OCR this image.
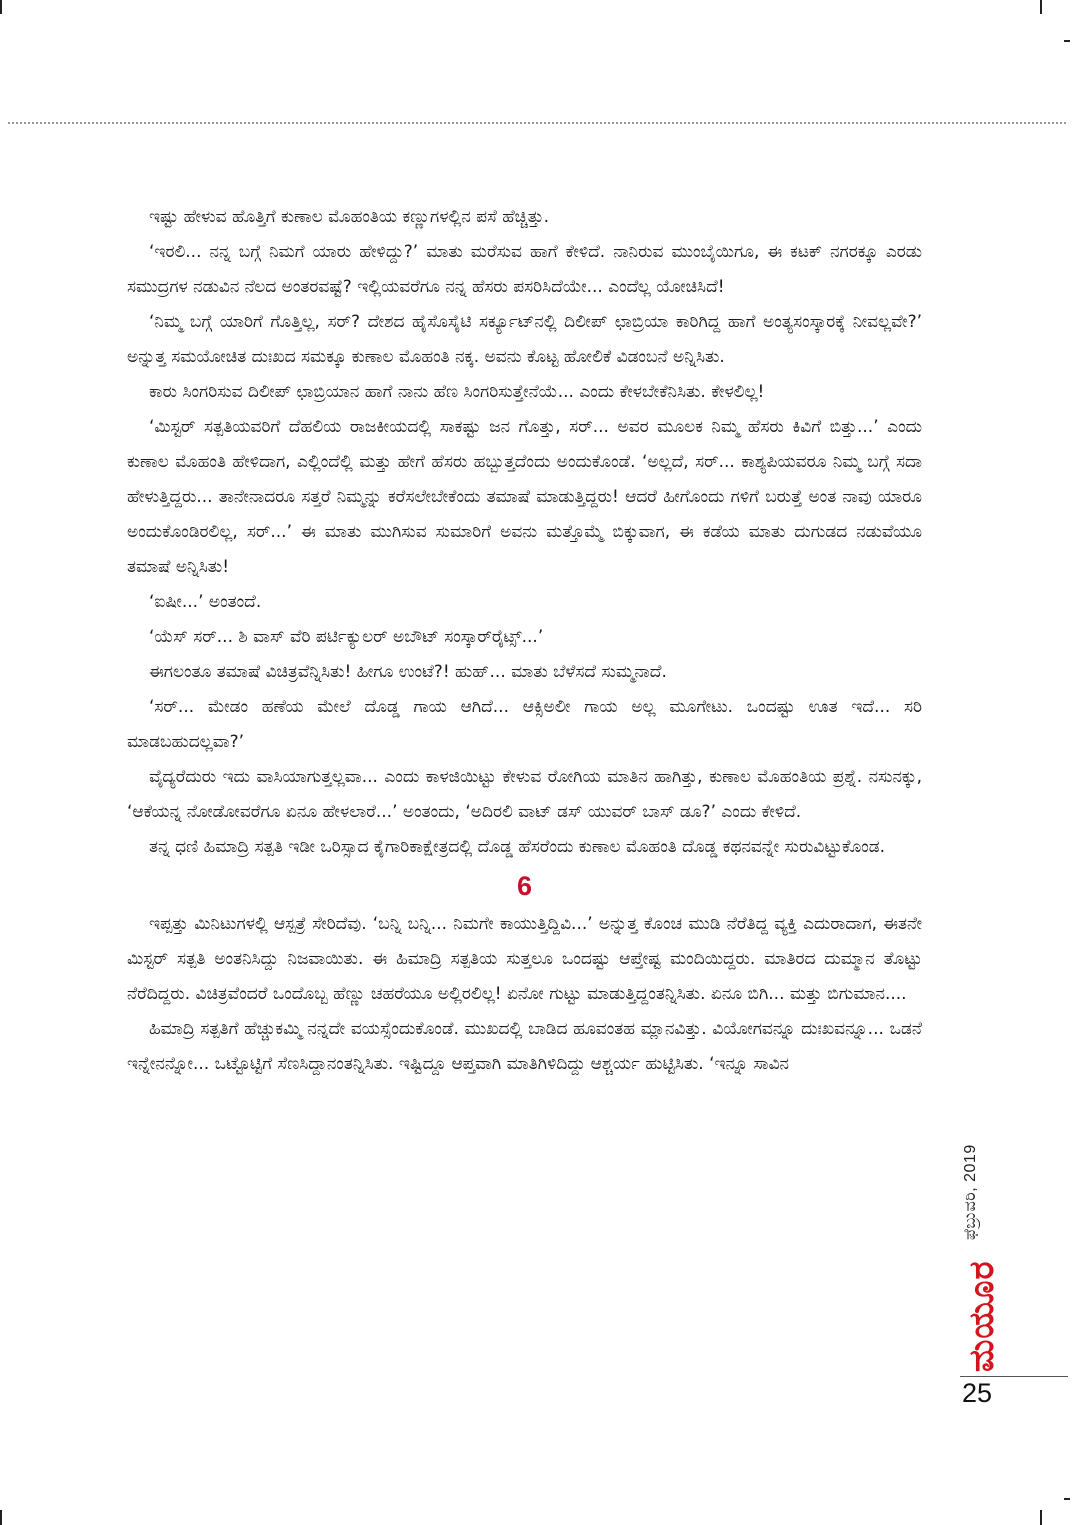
ಇಷ್ಟು ಹೇಳುವ ಹೊತ್ತಿಗೆ ಕುಣಾಲ ಮೊಹಂತಿಯ ಕಣ್ಣುಗಳಲ್ಲಿನ ಪಸೆ ಹೆಚ್ಚಿತ್ತು.

‘ಇರಲಿ... ನನ್ನ ಬಗ್ಗೆ ನಿಮಗೆ ಯಾರು ಹೇಳಿದ್ದು?’ ಮಾತು ಮರೆಸುವ ಹಾಗೆ ಕೇಳಿದೆ. ನಾನಿರುವ ಮುಂಬೈಯಿಗೂ, ಈ ಕಟಕ್ ನಗರಕ್ಕೂ ಎರಡು ಸಮುದ್ರಗಳ ನಡುವಿನ ನೆಲದ ಅಂತರವಷ್ಟೆ? ಇಲ್ಲಿಯವರೆಗೂ ನನ್ನ ಹೆಸರು ಪಸರಿಸಿದೆಯೇ... ಎಂದೆಲ್ಲ ಯೋಚಿಸಿದೆ!

‘ನಿಮ್ಮ ಬಗ್ಗೆ ಯಾರಿಗೆ ಗೊತ್ತಿಲ್ಲ, ಸರ್? ದೇಶದ ಹೈಸೊಸೈಟಿ ಸರ್ಕ್ಯೂಟ್‌ನಲ್ಲಿ ದಿಲೀಪ್ ಛಾಬ್ರಿಯಾ ಕಾರಿಗಿದ್ದ ಹಾಗೆ ಅಂತ್ಯಸಂಸ್ಕಾರಕ್ಕೆ ನೀವಲ್ಲವೇ?’ ಅನ್ನುತ್ತ ಸಮಯೋಚಿತ ದುಃಖದ ಸಮಕ್ಕೂ ಕುಣಾಲ ಮೊಹಂತಿ ನಕ್ಕ. ಅವನು ಕೊಟ್ಟ ಹೋಲಿಕೆ ವಿಡಂಬನೆ ಅನ್ನಿಸಿತು.

ಕಾರು ಸಿಂಗರಿಸುವ ದಿಲೀಪ್ ಛಾಬ್ರಿಯಾನ ಹಾಗೆ ನಾನು ಹೆಣ ಸಿಂಗರಿಸುತ್ತೇನೆಯೆ... ಎಂದು ಕೇಳಬೇಕೆನಿಸಿತು. ಕೇಳಲಿಲ್ಲ!

‘ಮಿಸ್ಟರ್ ಸತ್ಪತಿಯವರಿಗೆ ದೆಹಲಿಯ ರಾಜಕೀಯದಲ್ಲಿ ಸಾಕಷ್ಟು ಜನ ಗೊತ್ತು, ಸರ್... ಅವರ ಮೂಲಕ ನಿಮ್ಮ ಹೆಸರು ಕಿವಿಗೆ ಬಿತ್ತು...’ ಎಂದು ಕುಣಾಲ ಮೊಹಂತಿ ಹೇಳಿದಾಗ, ಎಲ್ಲಿಂದೆಲ್ಲಿ ಮತ್ತು ಹೇಗೆ ಹೆಸರು ಹಬ್ಬುತ್ತದೆಂದು ಅಂದುಕೊಂಡೆ. ‘ಅಲ್ಲದೆ, ಸರ್... ಕಾಶ್ಯಪಿಯವರೂ ನಿಮ್ಮ ಬಗ್ಗೆ ಸದಾ ಹೇಳುತ್ತಿದ್ದರು... ತಾನೇನಾದರೂ ಸತ್ತರೆ ನಿಮ್ಮನ್ನು ಕರೆಸಲೇಬೇಕೆಂದು ತಮಾಷೆ ಮಾಡುತ್ತಿದ್ದರು! ಆದರೆ ಹೀಗೊಂದು ಗಳಿಗೆ ಬರುತ್ತೆ ಅಂತ ನಾವು ಯಾರೂ ಅಂದುಕೊಂಡಿರಲಿಲ್ಲ, ಸರ್...’ ಈ ಮಾತು ಮುಗಿಸುವ ಸುಮಾರಿಗೆ ಅವನು ಮತ್ತೊಮ್ಮೆ ಬಿಕ್ಕುವಾಗ, ಈ ಕಡೆಯ ಮಾತು ದುಗುಡದ ನಡುವೆಯೂ ತಮಾಷೆ ಅನ್ನಿಸಿತು!

‘ಐಷೀ...’ ಅಂತಂದೆ.

‘ಯೆಸ್ ಸರ್... ಶಿ ವಾಸ್ ವೆರಿ ಪರ್ಟಿಕ್ಯುಲರ್ ಅಬೌಟ್ ಸಂಸ್ಕಾರ್‌ರೈಟ್ಸ್...’

ಈಗಲಂತೂ ತಮಾಷೆ ವಿಚಿತ್ರವೆನ್ನಿಸಿತು! ಹೀಗೂ ಉಂಟೆ?! ಹುಹ್... ಮಾತು ಬೆಳೆಸದೆ ಸುಮ್ಮನಾದೆ.

‘ಸರ್... ಮೇಡಂ ಹಣೆಯ ಮೇಲೆ ದೊಡ್ಡ ಗಾಯ ಆಗಿದೆ... ಆಕ್ಸಿಅಲೀ ಗಾಯ ಅಲ್ಲ ಮೂಗೇಟು. ಒಂದಷ್ಟು ಊತ ಇದೆ... ಸರಿ ಮಾಡಬಹುದಲ್ಲವಾ?’

ವೈದ್ಯರೆದುರು ಇದು ವಾಸಿಯಾಗುತ್ತಲ್ಲವಾ... ಎಂದು ಕಾಳಜಿಯಿಟ್ಟು ಕೇಳುವ ರೋಗಿಯ ಮಾತಿನ ಹಾಗಿತ್ತು, ಕುಣಾಲ ಮೊಹಂತಿಯ ಪ್ರಶ್ನೆ. ನಸುನಕ್ಕು, ‘ಆಕೆಯನ್ನ ನೋಡೋವರೆಗೂ ಏನೂ ಹೇಳಲಾರೆ...’ ಅಂತಂದು, ‘ಅದಿರಲಿ ವಾಟ್ ಡಸ್ ಯುವರ್ ಬಾಸ್ ಡೂ?’ ಎಂದು ಕೇಳಿದೆ.

ತನ್ನ ಧಣಿ ಹಿಮಾದ್ರಿ ಸತ್ಪತಿ ಇಡೀ ಒರಿಸ್ಸಾದ ಕೈಗಾರಿಕಾಕ್ಷೇತ್ರದಲ್ಲಿ ದೊಡ್ಡ ಹೆಸರೆಂದು ಕುಣಾಲ ಮೊಹಂತಿ ದೊಡ್ಡ ಕಥನವನ್ನೇ ಸುರುವಿಟ್ಟುಕೊಂಡ.

6

ಇಪ್ಪತ್ತು ಮಿನಿಟುಗಳಲ್ಲಿ ಆಸ್ಪತ್ರೆ ಸೇರಿದೆವು. ‘ಬನ್ನಿ ಬನ್ನಿ... ನಿಮಗೇ ಕಾಯುತ್ತಿದ್ದಿವಿ...’ ಅನ್ನುತ್ತ ಕೊಂಚ ಮುಡಿ ನೆರೆತಿದ್ದ ವ್ಯಕ್ತಿ ಎದುರಾದಾಗ, ಈತನೇ ಮಿಸ್ಟರ್ ಸತ್ಪತಿ ಅಂತನಿಸಿದ್ದು ನಿಜವಾಯಿತು. ಈ ಹಿಮಾದ್ರಿ ಸತ್ಪತಿಯ ಸುತ್ತಲೂ ಒಂದಷ್ಟು ಆಪ್ತೇಷ್ಟ ಮಂದಿಯಿದ್ದರು. ಮಾತಿರದ ದುಮ್ಮಾನ ತೊಟ್ಟು ನೆರೆದಿದ್ದರು. ವಿಚಿತ್ರವೆಂದರೆ ಒಂದೊಬ್ಬ ಹೆಣ್ಣು ಚಹರೆಯೂ ಅಲ್ಲಿರಲಿಲ್ಲ! ಏನೋ ಗುಟ್ಟು ಮಾಡುತ್ತಿದ್ದಂತನ್ನಿಸಿತು. ಏನೂ ಬಿಗಿ... ಮತ್ತು ಬಿಗುಮಾನ....

ಹಿಮಾದ್ರಿ ಸತ್ಪತಿಗೆ ಹೆಚ್ಚುಕಮ್ಮಿ ನನ್ನದೇ ವಯಸ್ಸೆಂದುಕೊಂಡೆ. ಮುಖದಲ್ಲಿ ಬಾಡಿದ ಹೂವಂತಹ ಮ್ಲಾನವಿತ್ತು. ವಿಯೋಗವನ್ನೂ ದುಃಖವನ್ನೂ... ಒಡನೆ ಇನ್ನೇನನ್ನೋ... ಒಟ್ಟೊಟ್ಟಿಗೆ ಸೆಣಸಿದ್ದಾನಂತನ್ನಿಸಿತು. ಇಷ್ಟಿದ್ದೂ ಆಪ್ತವಾಗಿ ಮಾತಿಗಿಳಿದಿದ್ದು ಆಶ್ಚರ್ಯ ಹುಟ್ಟಿಸಿತು. ‘ಇನ್ನೂ ಸಾವಿನ

ಫೆಬ್ರುವರಿ, 2019
ಮಯೂರ
25
